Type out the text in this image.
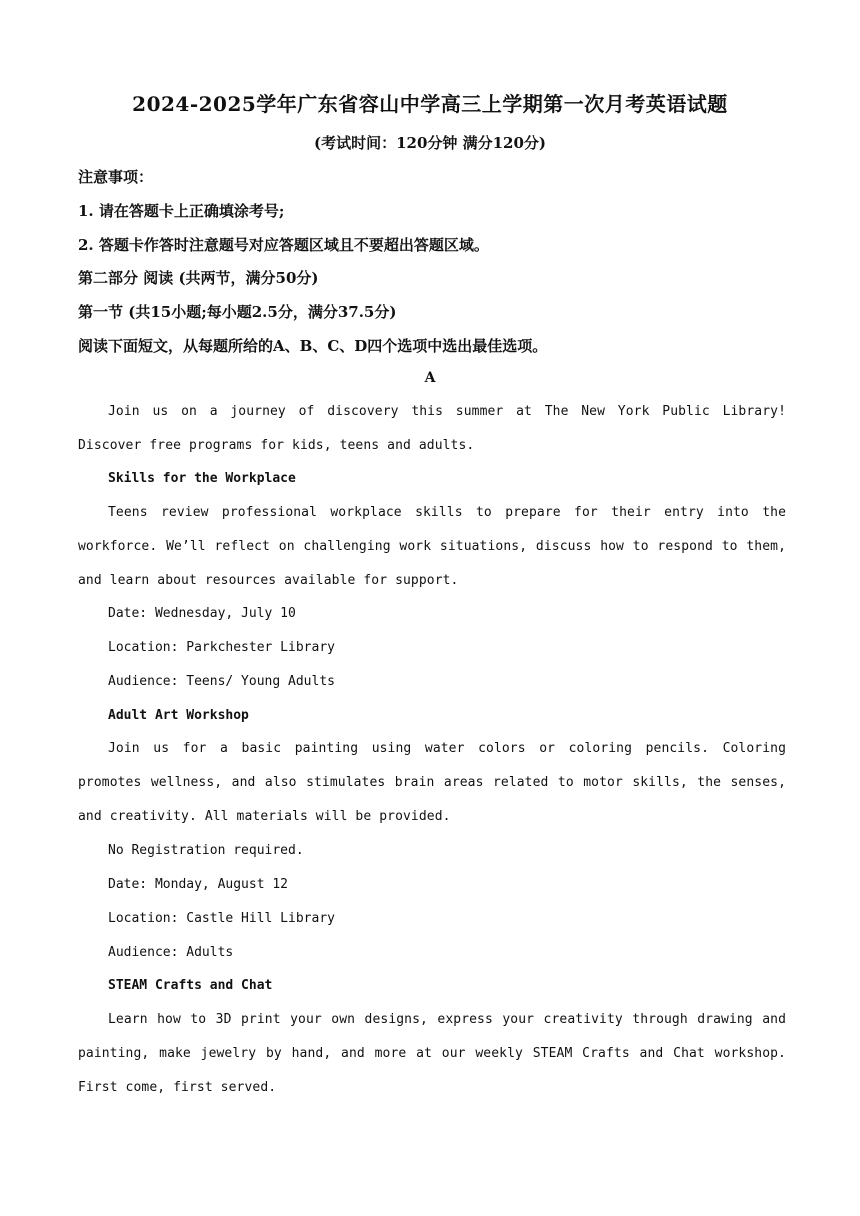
2024-2025学年广东省容山中学高三上学期第一次月考英语试题
(考试时间：120分钟 满分120分)
注意事项：
1. 请在答题卡上正确填涂考号;
2. 答题卡作答时注意题号对应答题区域且不要超出答题区域。
第二部分 阅读 (共两节，满分50分)
第一节 (共15小题;每小题2.5分，满分37.5分)
阅读下面短文，从每题所给的A、B、C、D四个选项中选出最佳选项。
A
Join us on a journey of discovery this summer at The New York Public Library! Discover free programs for kids, teens and adults.
Skills for the Workplace
Teens review professional workplace skills to prepare for their entry into the workforce. We’ll reflect on challenging work situations, discuss how to respond to them, and learn about resources available for support.
Date: Wednesday, July 10
Location: Parkchester Library
Audience: Teens/ Young Adults
Adult Art Workshop
Join us for a basic painting using water colors or coloring pencils. Coloring promotes wellness, and also stimulates brain areas related to motor skills, the senses, and creativity. All materials will be provided.
No Registration required.
Date: Monday, August 12
Location: Castle Hill Library
Audience: Adults
STEAM Crafts and Chat
Learn how to 3D print your own designs, express your creativity through drawing and painting, make jewelry by hand, and more at our weekly STEAM Crafts and Chat workshop. First come, first served.
